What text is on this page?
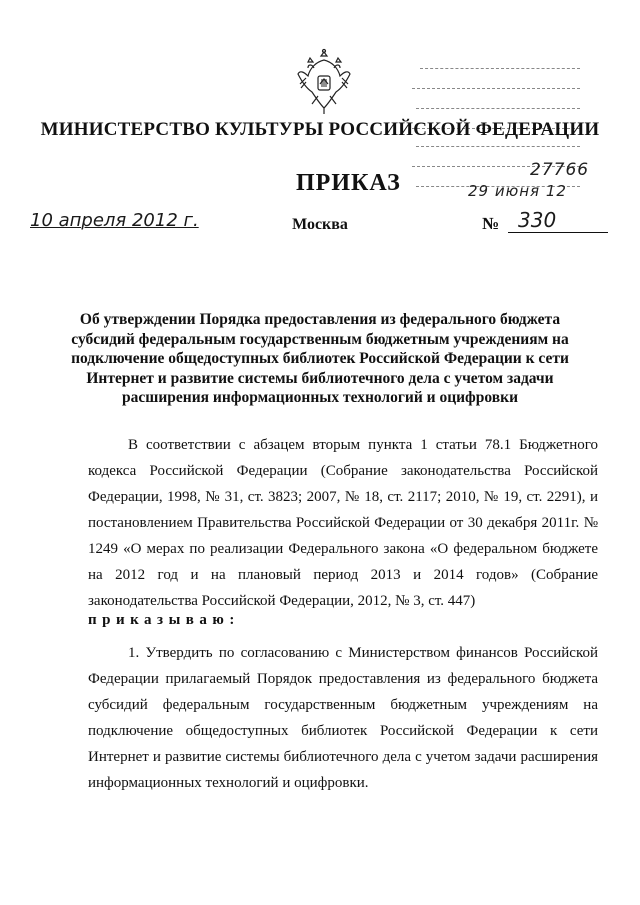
МИНИСТЕРСТВО КУЛЬТУРЫ РОССИЙСКОЙ ФЕДЕРАЦИИ
ПРИКАЗ	27766
29 июня 12
10 апреля 2012 г.	Москва	№ 330
Об утверждении Порядка предоставления из федерального бюджета субсидий федеральным государственным бюджетным учреждениям на подключение общедоступных библиотек Российской Федерации к сети Интернет и развитие системы библиотечного дела с учетом задачи расширения информационных технологий и оцифровки
В соответствии с абзацем вторым пункта 1 статьи 78.1 Бюджетного кодекса Российской Федерации (Собрание законодательства Российской Федерации, 1998, № 31, ст. 3823; 2007, № 18, ст. 2117; 2010, № 19, ст. 2291), и постановлением Правительства Российской Федерации от 30 декабря 2011г. № 1249 «О мерах по реализации Федерального закона «О федеральном бюджете на 2012 год и на плановый период 2013 и 2014 годов» (Собрание законодательства Российской Федерации, 2012, № 3, ст. 447)
приказываю:
1. Утвердить по согласованию с Министерством финансов Российской Федерации прилагаемый Порядок предоставления из федерального бюджета субсидий федеральным государственным бюджетным учреждениям на подключение общедоступных библиотек Российской Федерации к сети Интернет и развитие системы библиотечного дела с учетом задачи расширения информационных технологий и оцифровки.
